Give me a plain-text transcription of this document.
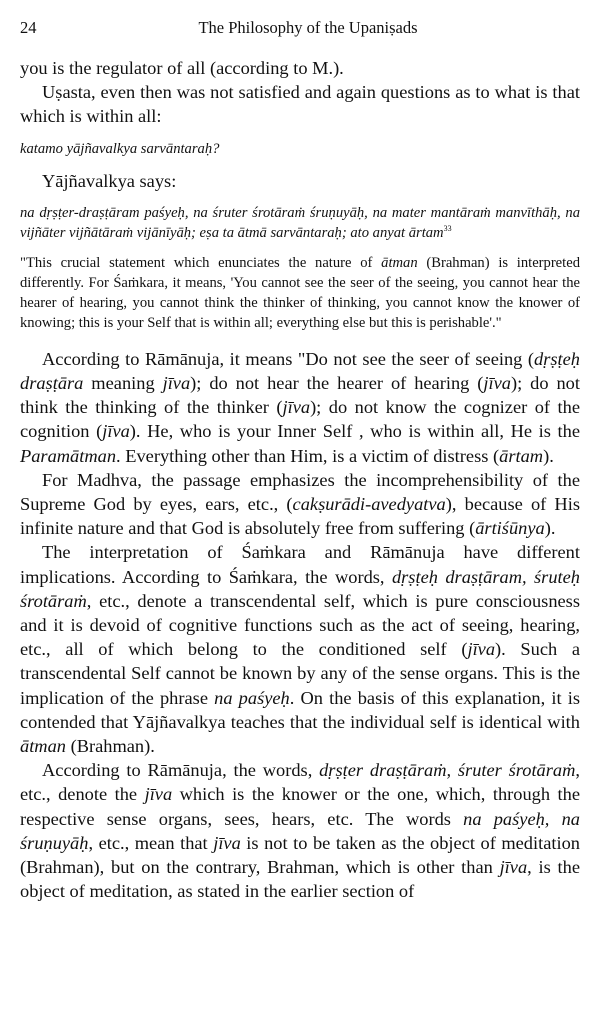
24	The Philosophy of the Upaniṣads

you is the regulator of all (according to M.).

Uṣasta, even then was not satisfied and again questions as to what is that which is within all:

katamo yājñavalkya sarvāntaraḥ?

Yājñavalkya says:

na dṛṣṭer-draṣṭāram paśyeḥ, na śruter śrotāraṁ śruṇuyāḥ, na mater mantāraṁ manvīthāḥ, na vijñāter vijñātāraṁ vijānīyāḥ; eṣa ta ātmā sarvāntaraḥ; ato anyat ārtam$^{33}$

"This crucial statement which enunciates the nature of ātman (Brahman) is interpreted differently. For Śaṁkara, it means, 'You cannot see the seer of the seeing, you cannot hear the hearer of hearing, you cannot think the thinker of thinking, you cannot know the knower of knowing; this is your Self that is within all; everything else but this is perishable'."

According to Rāmānuja, it means "Do not see the seer of seeing (dṛṣṭeḥ draṣṭāra meaning jīva); do not hear the hearer of hearing (jīva); do not think the thinking of the thinker (jīva); do not know the cognizer of the cognition (jīva). He, who is your Inner Self , who is within all, He is the Paramātman. Everything other than Him, is a victim of distress (ārtam).

For Madhva, the passage emphasizes the incomprehensibility of the Supreme God by eyes, ears, etc., (cakṣurādi-avedyatva), because of His infinite nature and that God is absolutely free from suffering (ārtiśūnya).

The interpretation of Śaṁkara and Rāmānuja have different implications. According to Śaṁkara, the words, dṛṣṭeḥ draṣṭāram, śruteḥ śrotāraṁ, etc., denote a transcendental self, which is pure consciousness and it is devoid of cognitive functions such as the act of seeing, hearing, etc., all of which belong to the conditioned self (jīva). Such a transcendental Self cannot be known by any of the sense organs. This is the implication of the phrase na paśyeḥ. On the basis of this explanation, it is contended that Yājñavalkya teaches that the individual self is identical with ātman (Brahman).

According to Rāmānuja, the words, dṛṣṭer draṣṭāraṁ, śruter śrotāraṁ, etc., denote the jīva which is the knower or the one, which, through the respective sense organs, sees, hears, etc. The words na paśyeḥ, na śruṇuyāḥ, etc., mean that jīva is not to be taken as the object of meditation (Brahman), but on the contrary, Brahman, which is other than jīva, is the object of meditation, as stated in the earlier section of
